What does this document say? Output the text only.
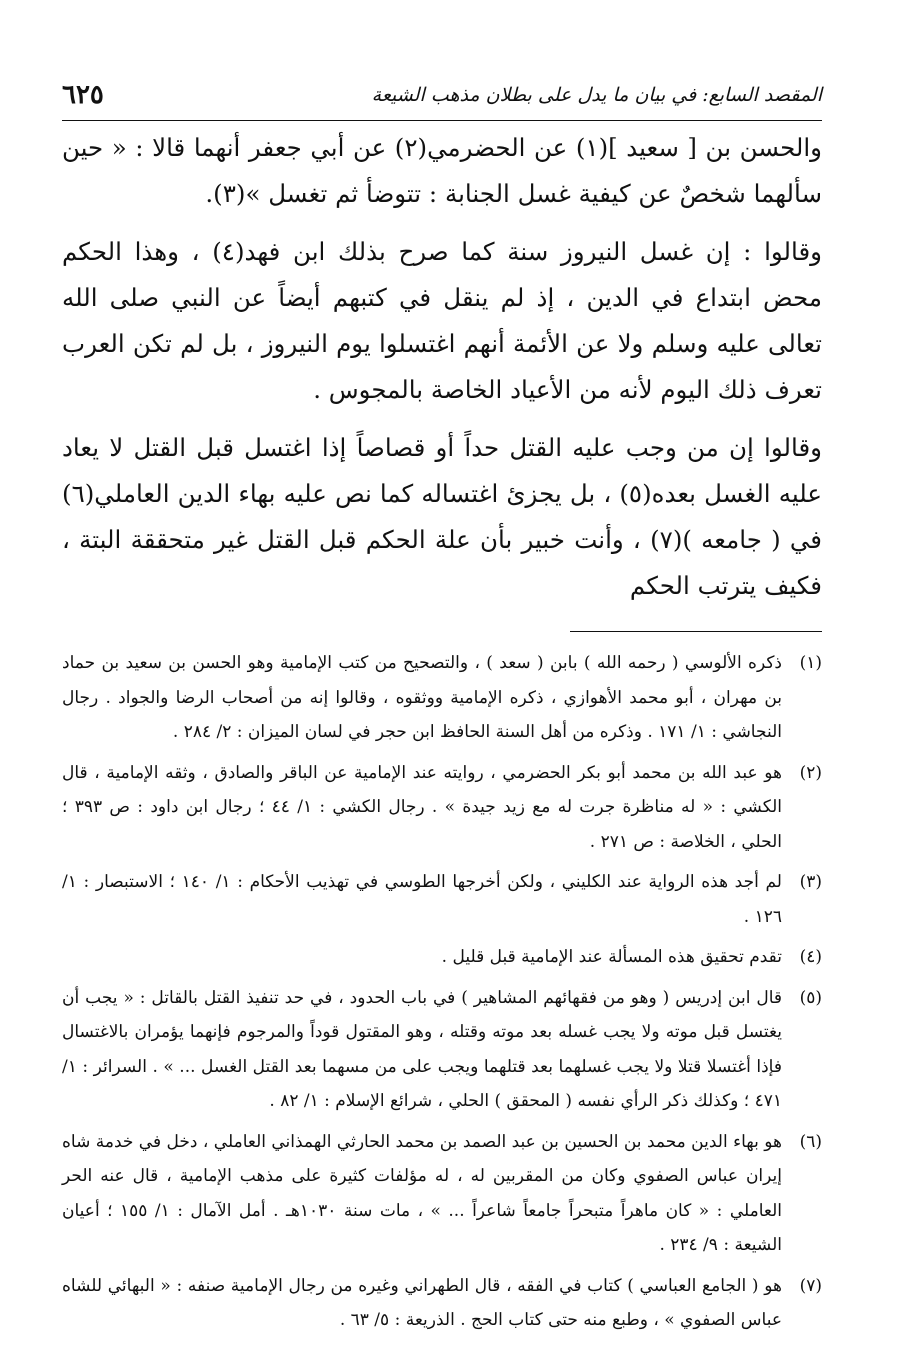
المقصد السابع: في بيان ما يدل على بطلان مذهب الشيعة
٦٢٥

والحسن بن [ سعيد ](١) عن الحضرمي(٢) عن أبي جعفر أنهما قالا : « حين سألهما شخصٌ عن كيفية غسل الجنابة : تتوضأ ثم تغسل »(٣).

وقالوا : إن غسل النيروز سنة كما صرح بذلك ابن فهد(٤) ، وهذا الحكم محض ابتداع في الدين ، إذ لم ينقل في كتبهم أيضاً عن النبي صلى الله تعالى عليه وسلم ولا عن الأئمة أنهم اغتسلوا يوم النيروز ، بل لم تكن العرب تعرف ذلك اليوم لأنه من الأعياد الخاصة بالمجوس .

وقالوا إن من وجب عليه القتل حداً أو قصاصاً إذا اغتسل قبل القتل لا يعاد عليه الغسل بعده(٥) ، بل يجزئ اغتساله كما نص عليه بهاء الدين العاملي(٦) في ( جامعه )(٧) ، وأنت خبير بأن علة الحكم قبل القتل غير متحققة البتة ، فكيف يترتب الحكم

(١)
ذكره الألوسي ( رحمه الله ) بابن ( سعد ) ، والتصحيح من كتب الإمامية وهو الحسن بن سعيد بن حماد بن مهران ، أبو محمد الأهوازي ، ذكره الإمامية ووثقوه ، وقالوا إنه من أصحاب الرضا والجواد . رجال النجاشي : ١/ ١٧١ . وذكره من أهل السنة الحافظ ابن حجر في لسان الميزان : ٢/ ٢٨٤ .
(٢)
هو عبد الله بن محمد أبو بكر الحضرمي ، روايته عند الإمامية عن الباقر والصادق ، وثقه الإمامية ، قال الكشي : « له مناظرة جرت له مع زيد جيدة » . رجال الكشي : ١/ ٤٤ ؛ رجال ابن داود : ص ٣٩٣ ؛ الحلي ، الخلاصة : ص ٢٧١ .
(٣)
لم أجد هذه الرواية عند الكليني ، ولكن أخرجها الطوسي في تهذيب الأحكام : ١/ ١٤٠ ؛ الاستبصار : ١/ ١٢٦ .
(٤)
تقدم تحقيق هذه المسألة عند الإمامية قبل قليل .
(٥)
قال ابن إدريس ( وهو من فقهائهم المشاهير ) في باب الحدود ، في حد تنفيذ القتل بالقاتل : « يجب أن يغتسل قبل موته ولا يجب غسله بعد موته وقتله ، وهو المقتول قوداً والمرجوم فإنهما يؤمران بالاغتسال فإذا أغتسلا قتلا ولا يجب غسلهما بعد قتلهما ويجب على من مسهما بعد القتل الغسل ... » . السرائر : ١/ ٤٧١ ؛ وكذلك ذكر الرأي نفسه ( المحقق ) الحلي ، شرائع الإسلام : ١/ ٨٢ .
(٦)
هو بهاء الدين محمد بن الحسين بن عبد الصمد بن محمد الحارثي الهمذاني العاملي ، دخل في خدمة شاه إيران عباس الصفوي وكان من المقربين له ، له مؤلفات كثيرة على مذهب الإمامية ، قال عنه الحر العاملي : « كان ماهراً متبحراً جامعاً شاعراً ... » ، مات سنة ١٠٣٠هـ . أمل الآمال : ١/ ١٥٥ ؛ أعيان الشيعة : ٩/ ٢٣٤ .
(٧)
هو ( الجامع العباسي ) كتاب في الفقه ، قال الطهراني وغيره من رجال الإمامية صنفه : « البهائي للشاه عباس الصفوي » ، وطبع منه حتى كتاب الحج . الذريعة : ٥/ ٦٣ .
